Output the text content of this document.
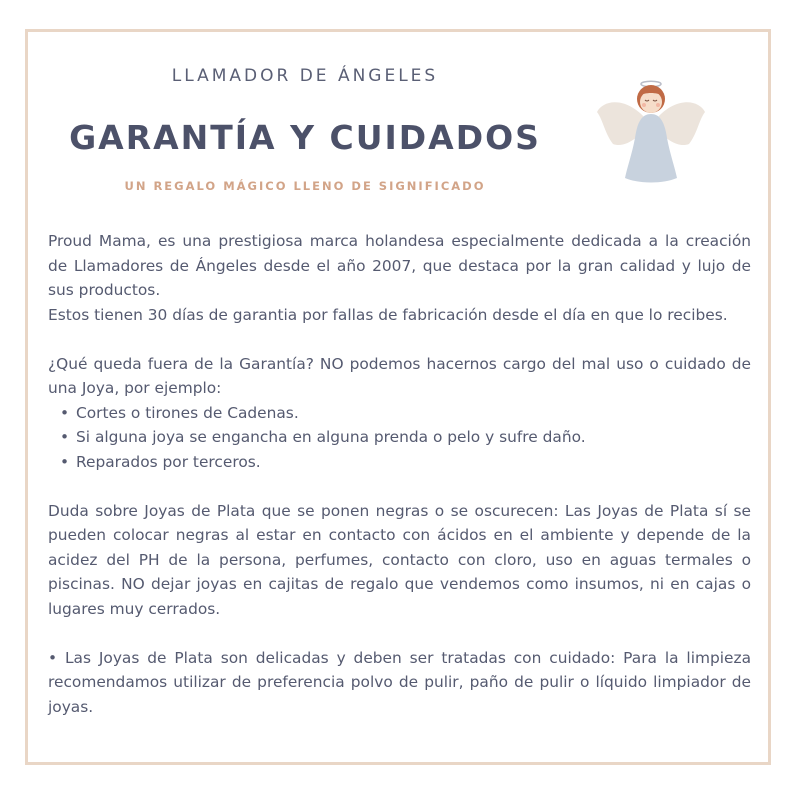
LLAMADOR DE ÁNGELES
GARANTÍA Y CUIDADOS
UN REGALO MÁGICO LLENO DE SIGNIFICADO

Proud Mama, es una prestigiosa marca holandesa especialmente dedicada a la creación de Llamadores de Ángeles desde el año 2007, que destaca por la gran calidad y lujo de sus productos.

Estos tienen 30 días de garantia por fallas de fabricación desde el día en que lo recibes.

¿Qué queda fuera de la Garantía? NO podemos hacernos cargo del mal uso o cuidado de una Joya, por ejemplo:

• Cortes o tirones de Cadenas.
• Si alguna joya se engancha en alguna prenda o pelo y sufre daño.
• Reparados por terceros.

Duda sobre Joyas de Plata que se ponen negras o se oscurecen: Las Joyas de Plata sí se pueden colocar negras al estar en contacto con ácidos en el ambiente y depende de la acidez del PH de la persona, perfumes, contacto con cloro, uso en aguas termales o piscinas. NO dejar joyas en cajitas de regalo que vendemos como insumos, ni en cajas o lugares muy cerrados.

• Las Joyas de Plata son delicadas y deben ser tratadas con cuidado: Para la limpieza recomendamos utilizar de preferencia polvo de pulir, paño de pulir o líquido limpiador de joyas.
